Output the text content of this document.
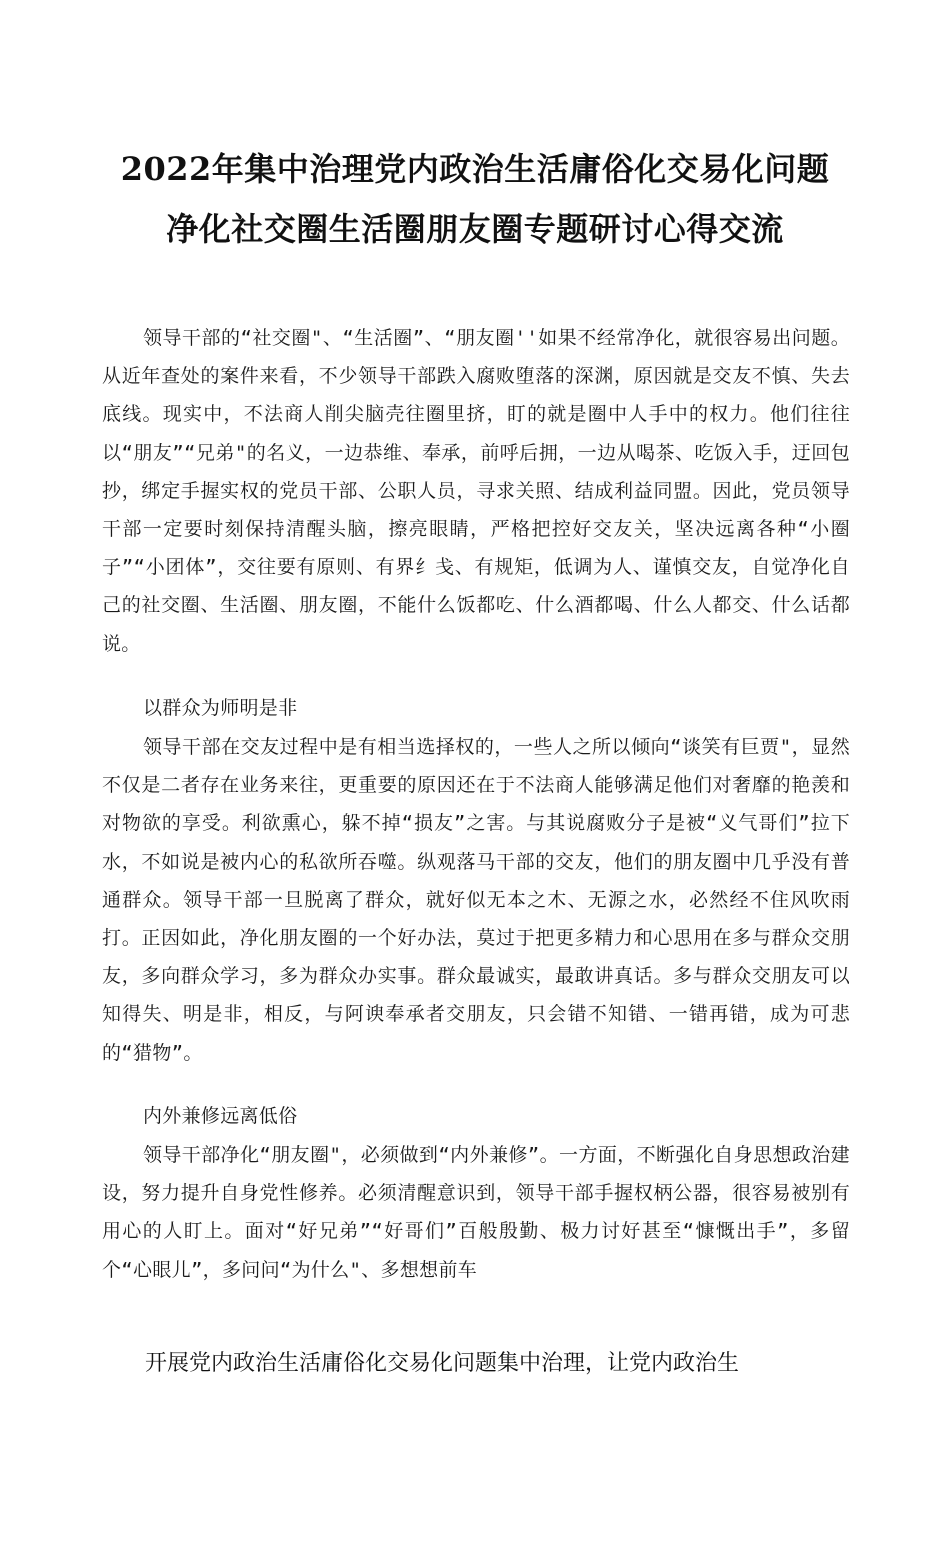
2022年集中治理党内政治生活庸俗化交易化问题
净化社交圈生活圈朋友圈专题研讨心得交流

领导干部的“社交圈"、“生活圈”、“朋友圈''如果不经常净化，就很容易出问题。从近年查处的案件来看，不少领导干部跌入腐败堕落的深渊，原因就是交友不慎、失去底线。现实中，不法商人削尖脑壳往圈里挤，盯的就是圈中人手中的权力。他们往往以“朋友”“兄弟"的名义，一边恭维、奉承，前呼后拥，一边从喝茶、吃饭入手，迂回包抄，绑定手握实权的党员干部、公职人员，寻求关照、结成利益同盟。因此，党员领导干部一定要时刻保持清醒头脑，擦亮眼睛，严格把控好交友关，坚决远离各种“小圈子”“小团体”，交往要有原则、有界纟戋、有规矩，低调为人、谨慎交友，自觉净化自己的社交圈、生活圈、朋友圈，不能什么饭都吃、什么酒都喝、什么人都交、什么话都说。

以群众为师明是非

领导干部在交友过程中是有相当选择权的，一些人之所以倾向“谈笑有巨贾"，显然不仅是二者存在业务来往，更重要的原因还在于不法商人能够满足他们对奢靡的艳羡和对物欲的享受。利欲熏心，躲不掉“损友”之害。与其说腐败分子是被“义气哥们”拉下水，不如说是被内心的私欲所吞噬。纵观落马干部的交友，他们的朋友圈中几乎没有普通群众。领导干部一旦脱离了群众，就好似无本之木、无源之水，必然经不住风吹雨打。正因如此，净化朋友圈的一个好办法，莫过于把更多精力和心思用在多与群众交朋友，多向群众学习，多为群众办实事。群众最诚实，最敢讲真话。多与群众交朋友可以知得失、明是非，相反，与阿谀奉承者交朋友，只会错不知错、一错再错，成为可悲的“猎物”。

内外兼修远离低俗

领导干部净化“朋友圈"，必须做到“内外兼修”。一方面，不断强化自身思想政治建设，努力提升自身党性修养。必须清醒意识到，领导干部手握权柄公器，很容易被别有用心的人盯上。面对“好兄弟”“好哥们”百般殷勤、极力讨好甚至“慷慨出手”，多留个“心眼儿”，多问问“为什么"、多想想前车

开展党内政治生活庸俗化交易化问题集中治理，让党内政治生
